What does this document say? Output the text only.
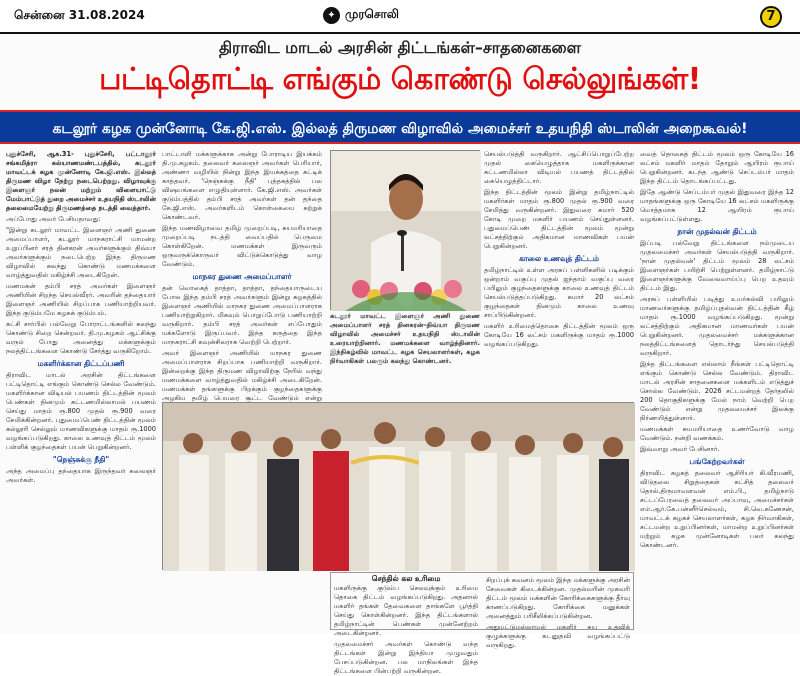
சென்னை 31.08.2024	✦ முரசொலி	7
திராவிட மாடல் அரசின் திட்டங்கள்–சாதனைகளை
பட்டிதொட்டி எங்கும் கொண்டு செல்லுங்கள்!
கடலூர் கழக முன்னோடி கே.ஜி.எஸ். இல்லத் திருமண விழாவில் அமைச்சர் உதயநிதி ஸ்டாலின் அறைகூவல்!

புதுச்சேரி, ஆக.31- புதுச்சேரி, பட்டாலூர் சங்கமித்ரா கல்யாணமண்டபத்தில், கடலூர் மாவட்டக் கழக முன்னோடி கே.ஜி.எஸ். இல்லத் திருமண விழா நேற்று நடைபெற்றது. விழாவுக்கு இளைஞர் நலன் மற்றும் விளையாட்டு மேம்பாட்டுத் துறை அமைச்சர் உதயநிதி ஸ்டாலின் தலைமையேற்று திருமணத்தை நடத்தி வைத்தார்.

அப்போது அவர் பேசியதாவது:

"இன்று கடலூர் மாவட்ட இளைஞர் அணி துணை அமைப்பாளர், கடலூர் மாநகராட்சி மாமன்ற உறுப்பினர் சரத் தினகரன் அவர்களுக்கும் திவ்யா அவர்களுக்கும் நடைபெற்ற இந்த திருமண விழாவில் கலந்து கொண்டு மணமக்களை வாழ்த்துவதில் மகிழ்ச்சி அடைகிறேன்.

மணமகன் தம்பி சரத் அவர்கள் இளைஞர் அணியின் சிறந்த செயல்வீரர். அவரின் தந்தையார் இளைஞர் அணியில் சிறப்பாக பணியாற்றியவர். இந்த குடும்பமே கழகக் குடும்பம்.

கட்சி சார்பில் பல்வேறு போராட்டங்களில் கலந்து கொண்டு சிறை சென்றவர். தி.மு.கழகம் ஆட்சிக்கு வரும் போது அனைத்து மக்களுக்கும் நலத்திட்டங்களை கொண்டு சேர்த்து வருகிறோம்.

மகளிர்க்கான திட்டப்பணி

திராவிட மாடல் அரசின் திட்டங்களை பட்டிதொட்டி எங்கும் கொண்டு செல்ல வேண்டும். மகளிர்க்கான விடியல் பயணம் திட்டத்தின் மூலம் பெண்கள் தினமும் கட்டணமில்லாமல் பயணம் செய்து மாதம் ரூ.800 முதல் ரூ.900 வரை சேமிக்கின்றனர். புதுமைப்பெண் திட்டத்தின் மூலம் கல்லூரி செல்லும் மாணவிகளுக்கு மாதம் ரூ.1000 வழங்கப்படுகிறது. காலை உணவுத் திட்டம் மூலம் பள்ளிக் குழந்தைகள் பயன் பெறுகின்றனர்.

"நெஞ்சுக்கு நீதி"

அந்த அமைப்பு தந்தையாக இருந்தவர் கலைஞர் அவர்கள்.

பாட்டாளி மக்களுக்காக அன்று போராடிய இயக்கம் தி.மு.கழகம். தலைவர் கலைஞர் அவர்கள் பெரியார், அண்ணா வழியில் நின்று இந்த இயக்கத்தை கட்டிக் காத்தவர். 'நெஞ்சுக்கு நீதி' புத்தகத்தில் பல விஷயங்களை எழுதியுள்ளார். கே.ஜி.எஸ். அவர்கள் குடும்பத்தில் தம்பி சரத் அவர்கள் தன் தந்தை கே.ஜி.எஸ். அவர்களிடம் கொள்கையை கற்றுக் கொண்டவர்.

இந்த மணவிழாவை தமிழ் முறைப்படி, சுயமரியாதை முறைப்படி நடத்தி வைப்பதில் பெருமை கொள்கிறேன். மணமக்கள் இருவரும் ஒருவருக்கொருவர் விட்டுக்கொடுத்து வாழ வேண்டும்.

மாநகர துணை அமைப்பாளர்

தன் வொகைத் தாத்தா, தாத்தா, தந்தையாருடைய போல இந்த தம்பி சரத் அவர்களும் இன்று கழகத்தில் இளைஞர் அணியில் மாநகர துணை அமைப்பாளராக பணியாற்றுகிறார். மிகவும் பொறுப்போடு பணியாற்றி வருகிறார். தம்பி சரத் அவர்கள் எப்போதும் மக்களோடு இருப்பவர். இந்த கருத்தை இந்த மாநகராட்சி கவுன்சிலராக வெற்றி பெற்றார்.

அவர் இளைஞர் அணியில் மாநகர துணை அமைப்பாளராக சிறப்பாக பணியாற்றி வருகிறார். இன்றைக்கு இந்த திருமண விழாவிற்கு நேரில் வந்து மணமக்களை வாழ்த்துவதில் மகிழ்ச்சி அடைகிறேன். மணமக்கள் தங்களுக்கு பிறக்கும் குழந்தைகளுக்கு அழகிய தமிழ் பெயரை சூட்ட வேண்டும் என்று

கடலூர் மாவட்ட இளைஞர் அணி துணை அமைப்பாளர் சரத் தினகரன்–திவ்யா திருமண விழாவில் அமைச்சர் உதயநிதி ஸ்டாலின் உரையாற்றினார். மணமக்களை வாழ்த்தினார். இந்நிகழ்வில் மாவட்ட கழக செயலாளர்கள், கழக நிர்வாகிகள் பலரும் கலந்து கொண்டனர்.

செயல்படுத்தி வருகிறார். ஆட்சிப்பொறுப்பேற்ற முதல் கையெழுத்தாக மகளிருக்கான கட்டணமில்லா விடியல் பயணத் திட்டத்தில் கையெழுத்திட்டார்.

இந்த திட்டத்தின் மூலம் இன்று தமிழ்நாட்டில் மகளிர்கள் மாதம் ரூ.800 முதல் ரூ.900 வரை சேமித்து வருகின்றனர். இதுவரை சுமார் 520 கோடி முறை மகளிர் பயணம் செய்துள்ளனர். புதுமைப்பெண் திட்டத்தின் மூலம் மூன்று லட்சத்திற்கும் அதிகமான மாணவிகள் பயன் பெறுகின்றனர்.

காலை உணவுத் திட்டம்

தமிழ்நாட்டில் உள்ள அரசுப் பள்ளிகளில் படிக்கும் ஒன்றாம் வகுப்பு முதல் ஐந்தாம் வகுப்பு வரை பயிலும் குழந்தைகளுக்கு காலை உணவுத் திட்டம் செயல்படுத்தப்படுகிறது. சுமார் 20 லட்சம் குழந்தைகள் தினமும் காலை உணவு சாப்பிடுகின்றனர்.

மகளிர் உரிமைத்தொகை திட்டத்தின் மூலம் ஒரு கோடியே 16 லட்சம் மகளிருக்கு மாதம் ரூ.1000 வழங்கப்படுகிறது.

வைத் தொகைத் திட்டம் மூலம் ஒரு கோடியே 16 லட்சம் மகளிர் மாதம் தோறும் ஆயிரம் ரூபாய் பெறுகின்றனர். கடந்த ஆண்டு செப்டம்பர் மாதம் இந்த திட்டம் தொடங்கப்பட்டது.

இதே ஆண்டு செப்டம்பர் முதல் இதுவரை இந்த 12 மாதங்களுக்கு ஒரு கோடியே 16 லட்சம் மகளிருக்கு மொத்தமாக 12 ஆயிரம் ரூபாய் வழங்கப்பட்டுள்ளது.

நான் முதல்வன் திட்டம்

இப்படி பல்வேறு திட்டங்களை நம்முடைய முதலமைச்சர் அவர்கள் செயல்படுத்தி வருகிறார். 'நான் முதல்வன்' திட்டம் மூலம் 28 லட்சம் இளைஞர்கள் பயிற்சி பெற்றுள்ளனர். தமிழ்நாட்டு இளைஞர்களுக்கு வேலைவாய்ப்பு பெற உதவும் திட்டம் இது.

அரசுப் பள்ளியில் படித்து உயர்கல்வி பயிலும் மாணவர்களுக்கு தமிழ்ப்புதல்வன் திட்டத்தின் கீழ் மாதம் ரூ.1000 வழங்கப்படுகிறது. மூன்று லட்சத்திற்கும் அதிகமான மாணவர்கள் பயன் பெறுகின்றனர். முதலமைச்சர் மக்களுக்கான நலத்திட்டங்களைத் தொடர்ந்து செயல்படுத்தி வருகிறார்.

இந்த திட்டங்களை எல்லாம் நீங்கள் பட்டிதொட்டி எங்கும் கொண்டு செல்ல வேண்டும். திராவிட மாடல் அரசின் சாதனைகளை மக்களிடம் எடுத்துச் சொல்ல வேண்டும். 2026 சட்டமன்றத் தேர்தலில் 200 தொகுதிகளுக்கு மேல் நாம் வெற்றி பெற வேண்டும் என்று முதலமைச்சர் இலக்கு நிர்ணயித்துள்ளார்.

மணமக்கள் சுயமரியாதை உணர்வோடு வாழ வேண்டும். நன்றி வணக்கம்.

இவ்வாறு அவர் பேசினார்.

பங்கேற்றவர்கள்

திராவிட கழகத் தலைவர் ஆசிரியர் கி.வீரமணி, விடுதலை சிறுத்தைகள் கட்சித் தலைவர் தொல்.திருமாவளவன் எம்.பி., தமிழ்நாடு சட்டப்பேரவைத் தலைவர் அப்பாவு, அமைச்சர்கள் எம்.ஆர்.கே.பன்னீர்செல்வம், சி.வெ.கணேசன், மாவட்டக் கழகச் செயலாளர்கள், கழக நிர்வாகிகள், சட்டமன்ற உறுப்பினர்கள், மாமன்ற உறுப்பினர்கள் மற்றும் கழக முன்னோடிகள் பலர் கலந்து கொண்டனர்.

செந்தில் கல உரிமை

மகளிருக்கு குடும்ப செலவுக்கும் உரிமை தொகை திட்டம் வழங்கப்படுகிறது. அதனால் மகளிர் தங்கள் தேவைகளை தாங்களே பூர்த்தி செய்து கொள்கின்றனர். இந்த திட்டங்களால் தமிழ்நாட்டின் பெண்கள் முன்னேற்றம் அடைகின்றனர்.

முதலமைச்சர் அவர்கள் கொண்டு வந்த திட்டங்கள் இன்று இந்தியா முழுவதும் பேசப்படுகின்றன. பல மாநிலங்கள் இந்த திட்டங்களை பின்பற்றி வருகின்றன.

சிறப்புக் கவனம் மூலம் இந்த மக்களுக்கு அரசின் சேவைகள் கிடைக்கின்றன. முதல்வரின் முகவரி திட்டம் மூலம் மக்களின் கோரிக்கைகளுக்கு தீர்வு காணப்படுகிறது. கோரிக்கை மனுக்கள் அனைத்தும் பரிசீலிக்கப்படுகின்றன.

அதுமட்டுமல்லாமல் மகளிர் சுய உதவிக் குழுக்களுக்கு கடனுதவி வழங்கப்பட்டு வருகிறது.
